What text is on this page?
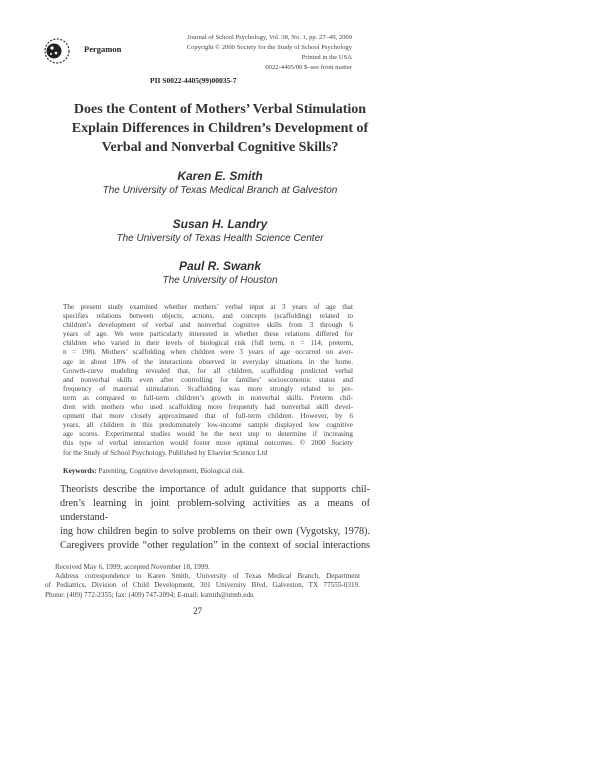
Pergamon
Journal of School Psychology, Vol. 38, No. 1, pp. 27–49, 2000
Copyright © 2000 Society for the Study of School Psychology
Printed in the USA
0022-4405/00 $–see front matter
PII S0022-4405(99)00035-7
Does the Content of Mothers’ Verbal Stimulation
Explain Differences in Children’s Development of
Verbal and Nonverbal Cognitive Skills?
Karen E. Smith
The University of Texas Medical Branch at Galveston
Susan H. Landry
The University of Texas Health Science Center
Paul R. Swank
The University of Houston
The present study examined whether mothers’ verbal input at 3 years of age that
specifies relations between objects, actions, and concepts (scaffolding) related to
children’s development of verbal and nonverbal cognitive skills from 3 through 6
years of age. We were particularly interested in whether these relations differed for
children who varied in their levels of biological risk (full term, n = 114; preterm,
n = 198). Mothers’ scaffolding when children were 3 years of age occurred on aver-
age in about 18% of the interactions observed in everyday situations in the home.
Growth-curve modeling revealed that, for all children, scaffolding predicted verbal
and nonverbal skills even after controlling for families’ socioeconomic status and
frequency of maternal stimulation. Scaffolding was more strongly related to pre-
term as compared to full-term children’s growth in nonverbal skills. Preterm chil-
dren with mothers who used scaffolding more frequently had nonverbal skill devel-
opment that more closely approximated that of full-term children. However, by 6
years, all children in this predominately low-income sample displayed low cognitive
age scores. Experimental studies would be the next step to determine if increasing
this type of verbal interaction would foster more optimal outcomes. © 2000 Society
for the Study of School Psychology. Published by Elsevier Science Ltd
Keywords: Parenting, Cognitive development, Biological risk.
Theorists describe the importance of adult guidance that supports chil-
dren’s learning in joint problem-solving activities as a means of understand-
ing how children begin to solve problems on their own (Vygotsky, 1978).
Caregivers provide “other regulation” in the context of social interactions
Received May 6, 1999; accepted November 18, 1999.
Address correspondence to Karen Smith, University of Texas Medical Branch, Department
of Pediatrics, Division of Child Development, 301 University Blvd, Galveston, TX 77555-0319.
Phone: (409) 772-2355; fax: (409) 747-2094; E-mail: ksmith@utmb.edu
27
